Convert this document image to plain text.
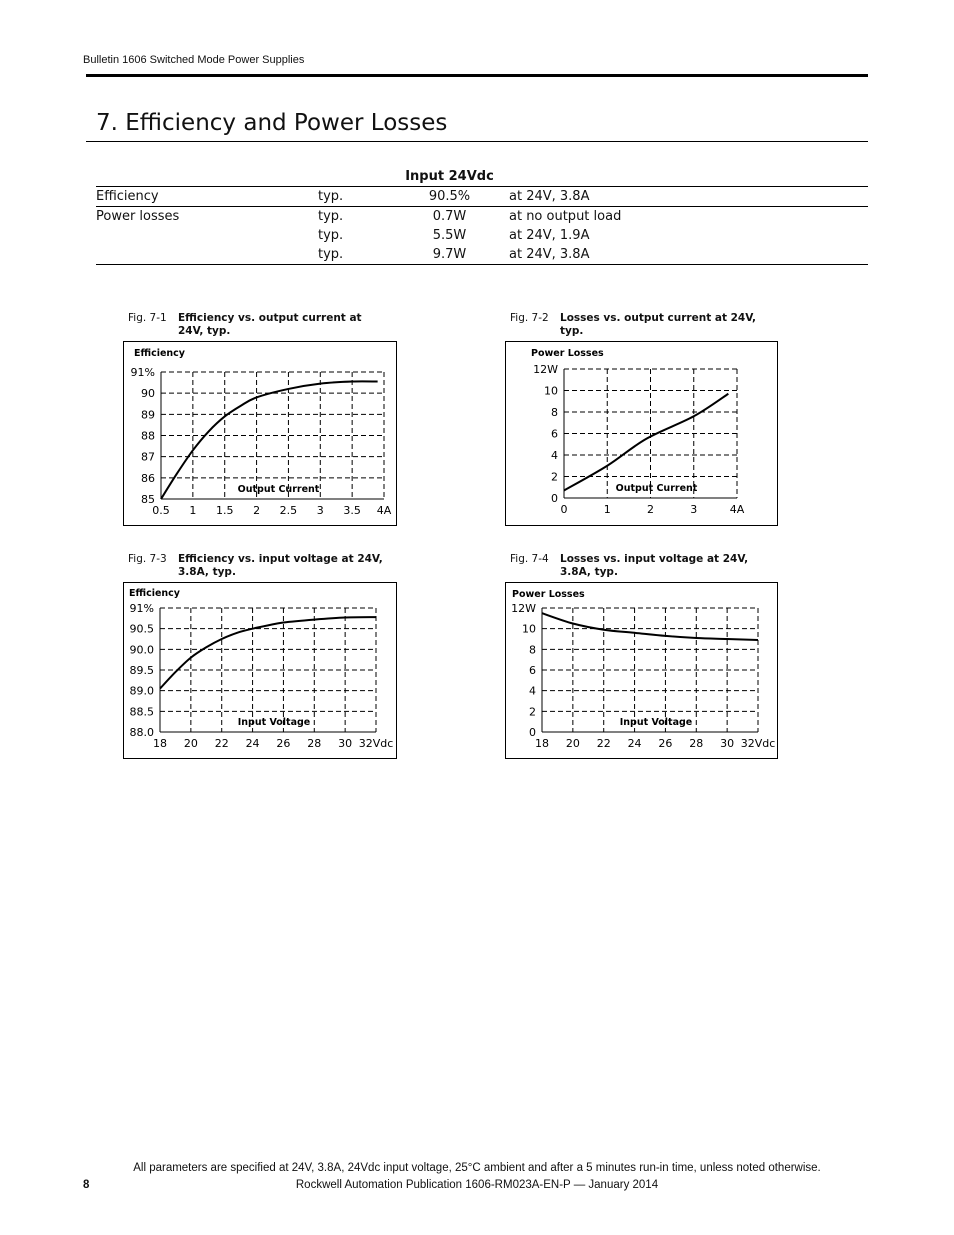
Bulletin 1606 Switched Mode Power Supplies
7. Efficiency and Power Losses
		Input 24Vdc	
Efficiency	typ.	90.5%	at 24V, 3.8A
Power losses	typ.	0.7W	at no output load
	typ.	5.5W	at 24V, 1.9A
	typ.	9.7W	at 24V, 3.8A
Fig. 7-1	Efficiency vs. output current at 24V, typ.
Fig. 7-2	Losses vs. output current at 24V, typ.
Fig. 7-3	Efficiency vs. input voltage at 24V, 3.8A, typ.
Fig. 7-4	Losses vs. input voltage at 24V, 3.8A, typ.
Efficiency
0.5 1 1.5 2 2.5 3 3.5 4A
85
86
87
88
89
90
91%
Output Current
Power Losses
0	1	2	3	4A
0
2
4
6
8
10
12W
Output Current
Efficiency
18 20 22 24 26 28 30 32Vdc
88.0
88.5
89.0
89.5
90.0
90.5
91%
Input Voltage
Power Losses
18 20 22 24 26 28 30 32Vdc
0
2
4
6
8
10
12W
Input Voltage
All parameters are specified at 24V, 3.8A, 24Vdc input voltage, 25°C ambient and after a 5 minutes run-in time, unless noted otherwise.
8	Rockwell Automation Publication 1606-RM023A-EN-P — January 2014
